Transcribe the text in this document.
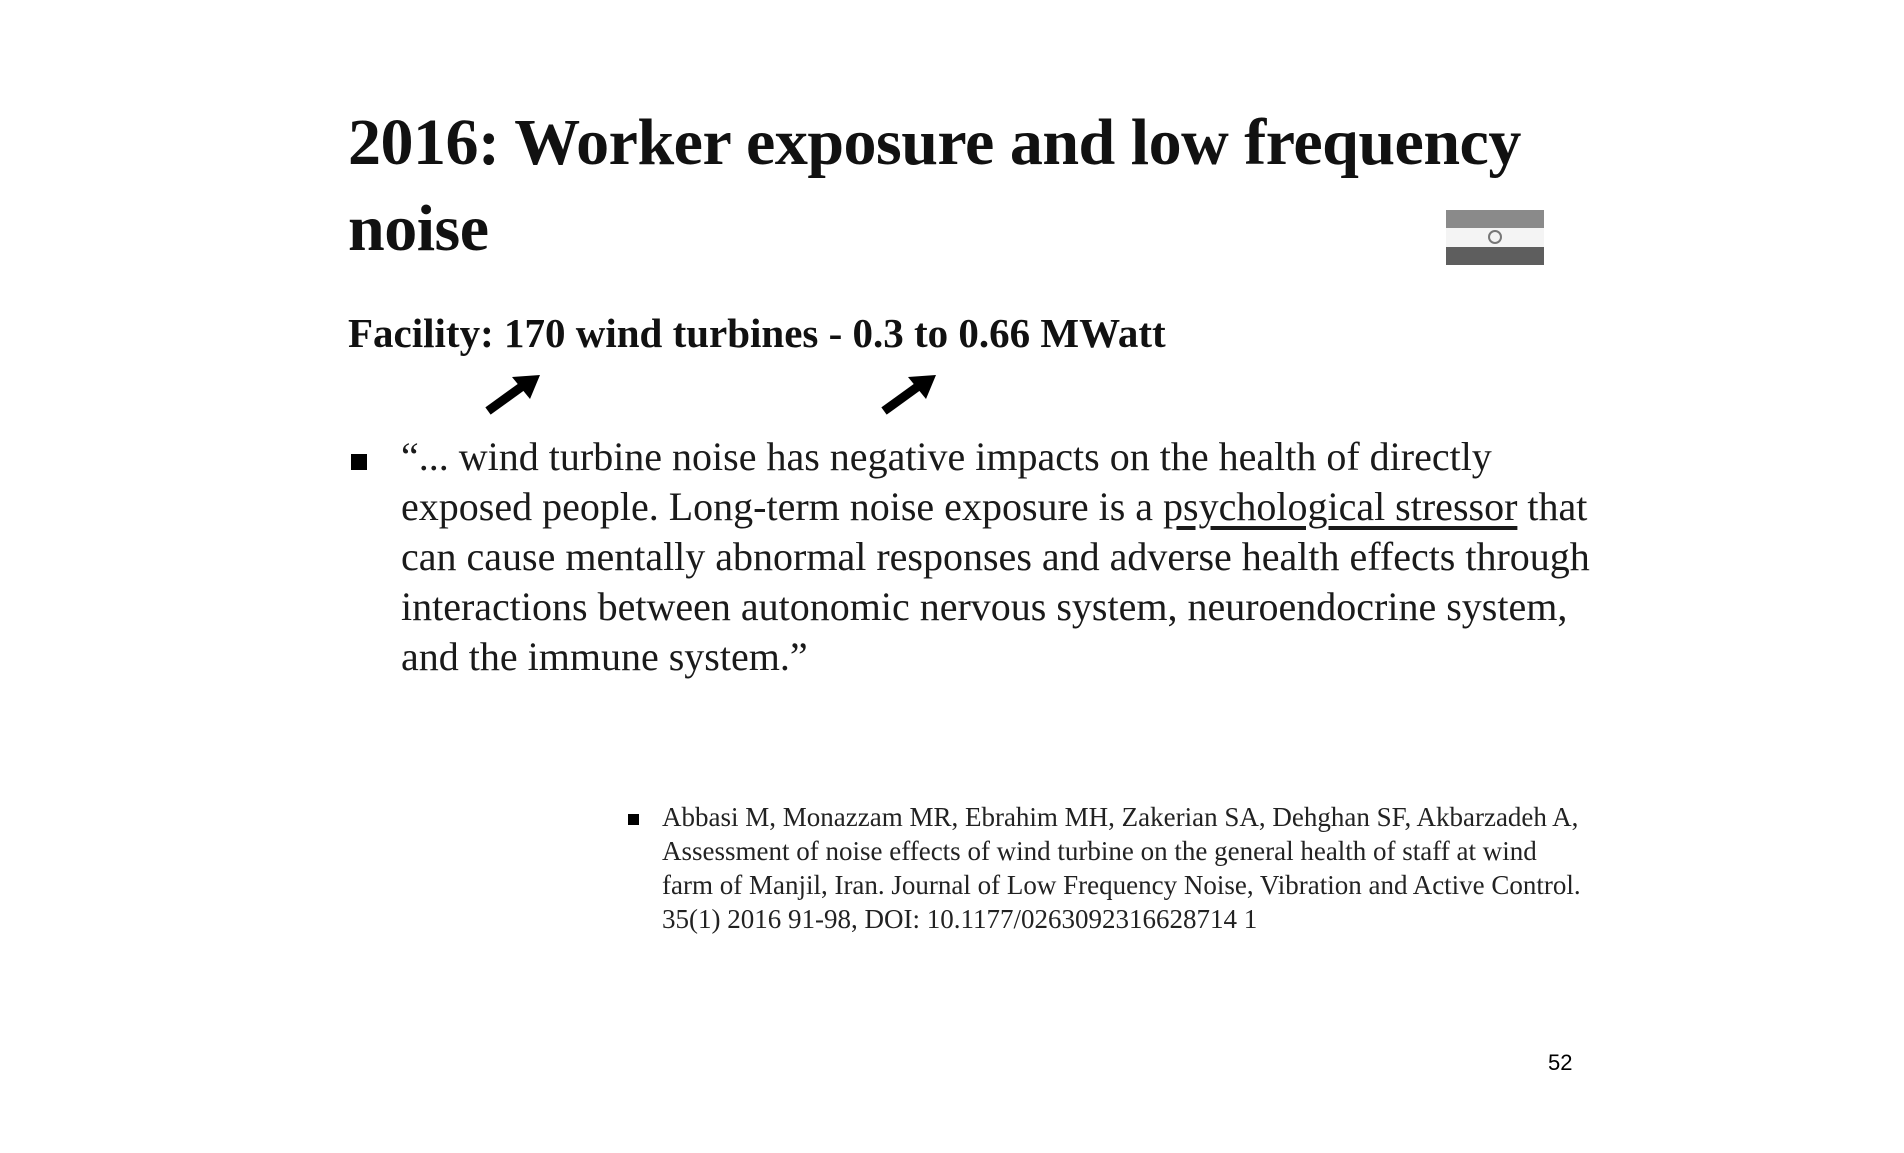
2016: Worker exposure and low frequency noise

Facility: 170 wind turbines - 0.3 to 0.66 MWatt

“... wind turbine noise has negative impacts on the health of directly exposed people. Long-term noise exposure is a psychological stressor that can cause mentally abnormal responses and adverse health effects through interactions between autonomic nervous system, neuroendocrine system, and the immune system.”

Abbasi M, Monazzam MR, Ebrahim MH, Zakerian SA, Dehghan SF, Akbarzadeh A, Assessment of noise effects of wind turbine on the general health of staff at wind farm of Manjil, Iran. Journal of Low Frequency Noise, Vibration and Active Control. 35(1) 2016 91-98, DOI: 10.1177/0263092316628714 1

52
